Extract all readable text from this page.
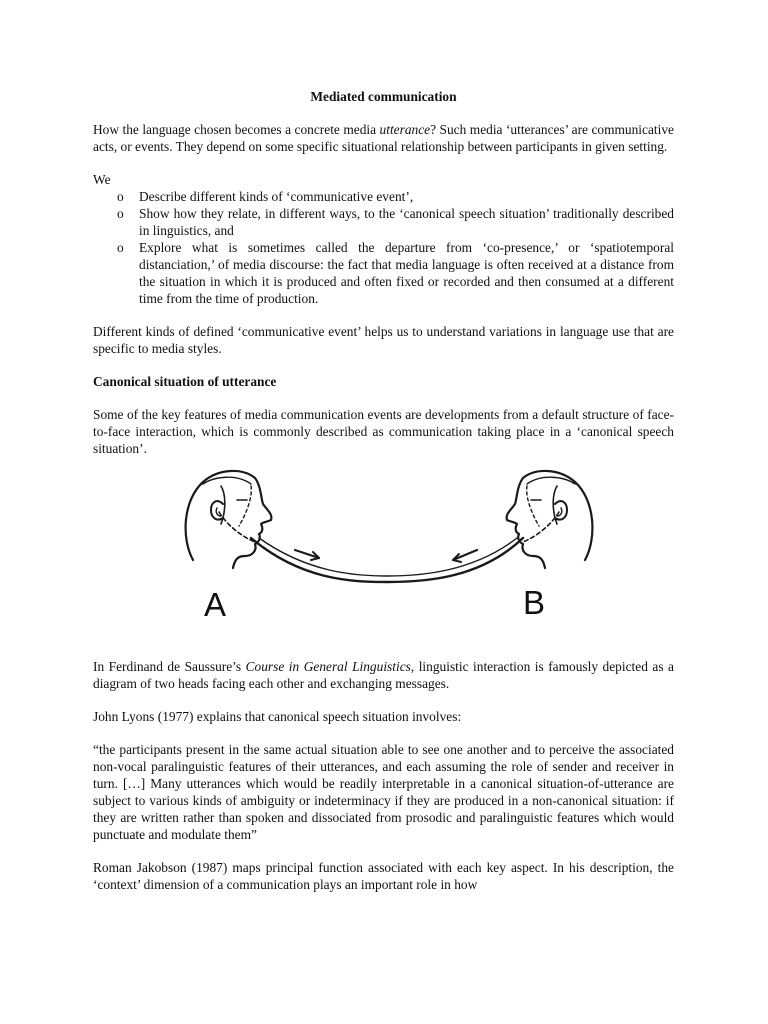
Mediated communication

How the language chosen becomes a concrete media utterance? Such media ‘utterances’ are communicative acts, or events. They depend on some specific situational relationship between participants in given setting.

We

o Describe different kinds of ‘communicative event’,
o Show how they relate, in different ways, to the ‘canonical speech situation’ traditionally described in linguistics, and
o Explore what is sometimes called the departure from ‘co-presence,’ or ‘spatiotemporal distanciation,’ of media discourse: the fact that media language is often received at a distance from the situation in which it is produced and often fixed or recorded and then consumed at a different time from the time of production.

Different kinds of defined ‘communicative event’ helps us to understand variations in language use that are specific to media styles.

Canonical situation of utterance

Some of the key features of media communication events are developments from a default structure of face-to-face interaction, which is commonly described as communication taking place in a ‘canonical speech situation’.

A	B

In Ferdinand de Saussure’s Course in General Linguistics, linguistic interaction is famously depicted as a diagram of two heads facing each other and exchanging messages.

John Lyons (1977) explains that canonical speech situation involves:

“the participants present in the same actual situation able to see one another and to perceive the associated non-vocal paralinguistic features of their utterances, and each assuming the role of sender and receiver in turn. […] Many utterances which would be readily interpretable in a canonical situation-of-utterance are subject to various kinds of ambiguity or indeterminacy if they are produced in a non-canonical situation: if they are written rather than spoken and dissociated from prosodic and paralinguistic features which would punctuate and modulate them”

Roman Jakobson (1987) maps principal function associated with each key aspect. In his description, the ‘context’ dimension of a communication plays an important role in how
